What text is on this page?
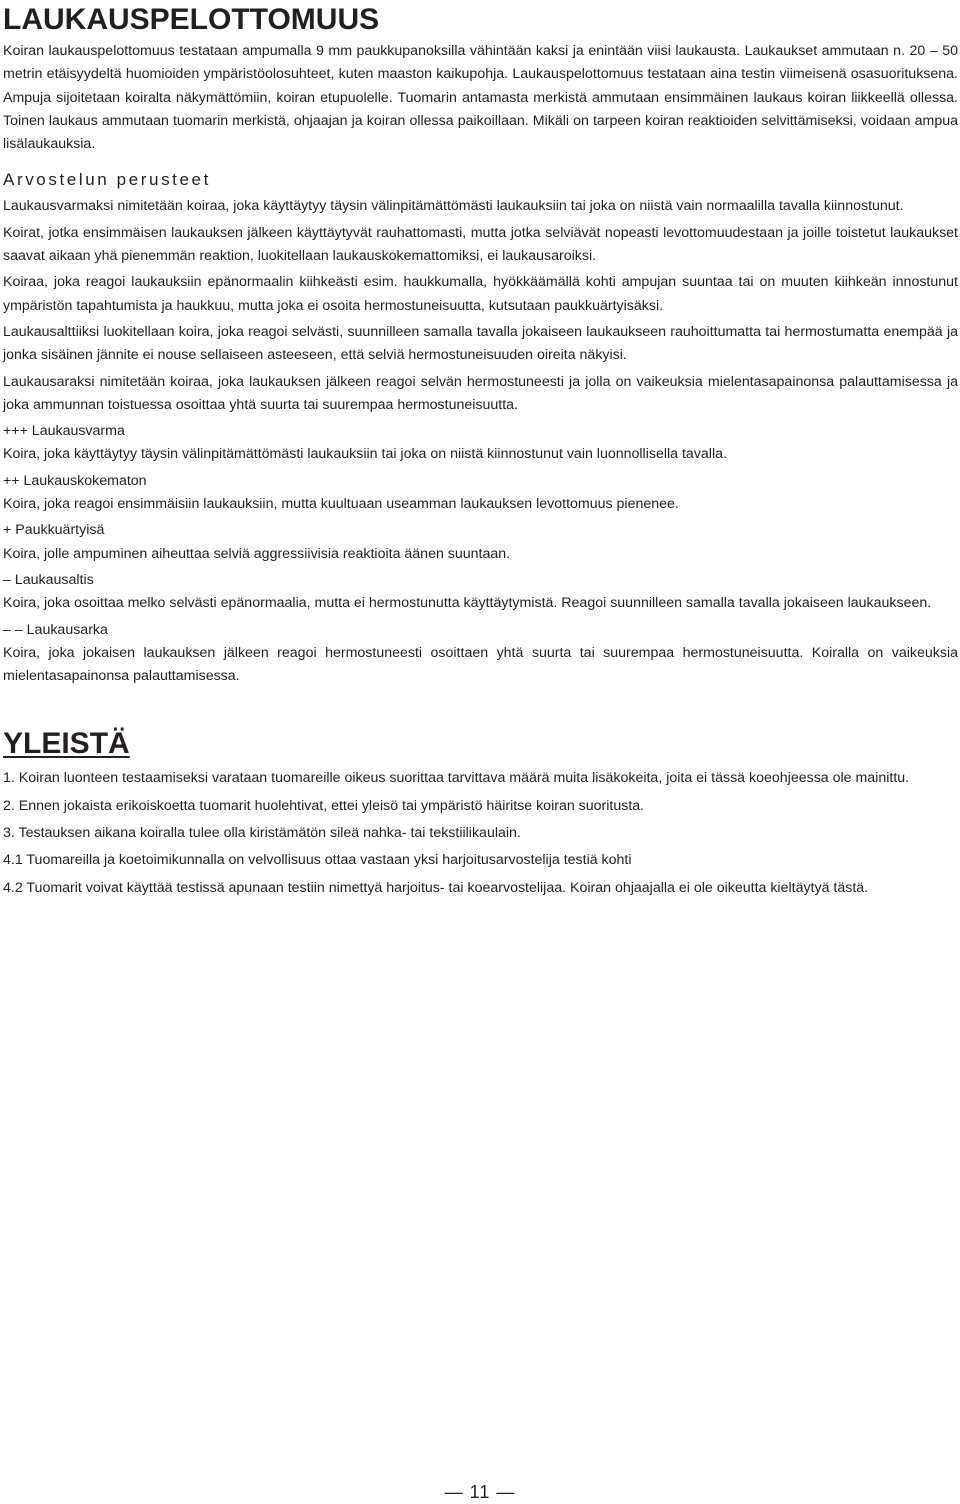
LAUKAUSPELOTTOMUUS

Koiran laukauspelottomuus testataan ampumalla 9 mm paukkupanoksilla vähintään kaksi ja enintään viisi laukausta. Laukaukset ammutaan n. 20 – 50 metrin etäisyydeltä huomioiden ympäristöolosuhteet, kuten maaston kaikupohja. Laukauspelottomuus testataan aina testin viimeisenä osasuorituksena. Ampuja sijoitetaan koiralta näkymättömiin, koiran etupuolelle. Tuomarin antamasta merkistä ammutaan ensimmäinen laukaus koiran liikkeellä ollessa. Toinen laukaus ammutaan tuomarin merkistä, ohjaajan ja koiran ollessa paikoillaan. Mikäli on tarpeen koiran reaktioiden selvittämiseksi, voidaan ampua lisälaukauksia.

Arvostelun perusteet

Laukausvarmaksi nimitetään koiraa, joka käyttäytyy täysin välinpitämättömästi laukauksiin tai joka on niistä vain normaalilla tavalla kiinnostunut.

Koirat, jotka ensimmäisen laukauksen jälkeen käyttäytyvät rauhattomasti, mutta jotka selviävät nopeasti levottomuudestaan ja joille toistetut laukaukset saavat aikaan yhä pienemmän reaktion, luokitellaan laukauskokemattomiksi, ei laukausaroiksi.

Koiraa, joka reagoi laukauksiin epänormaalin kiihkeästi esim. haukkumalla, hyökkäämällä kohti ampujan suuntaa tai on muuten kiihkeän innostunut ympäristön tapahtumista ja haukkuu, mutta joka ei osoita hermostuneisuutta, kutsutaan paukkuärtyisäksi.

Laukausalttiiksi luokitellaan koira, joka reagoi selvästi, suunnilleen samalla tavalla jokaiseen laukaukseen rauhoittumatta tai hermostumatta enempää ja jonka sisäinen jännite ei nouse sellaiseen asteeseen, että selviä hermostuneisuuden oireita näkyisi.

Laukausaraksi nimitetään koiraa, joka laukauksen jälkeen reagoi selvän hermostuneesti ja jolla on vaikeuksia mielentasapainonsa palauttamisessa ja joka ammunnan toistuessa osoittaa yhtä suurta tai suurempaa hermostuneisuutta.

+++ Laukausvarma

Koira, joka käyttäytyy täysin välinpitämättömästi laukauksiin tai joka on niistä kiinnostunut vain luonnollisella tavalla.

++ Laukauskokematon

Koira, joka reagoi ensimmäisiin laukauksiin, mutta kuultuaan useamman laukauksen levottomuus pienenee.

+ Paukkuärtyisä

Koira, jolle ampuminen aiheuttaa selviä aggressiivisia reaktioita äänen suuntaan.

– Laukausaltis

Koira, joka osoittaa melko selvästi epänormaalia, mutta ei hermostunutta käyttäytymistä. Reagoi suunnilleen samalla tavalla jokaiseen laukaukseen.

– – Laukausarka

Koira, joka jokaisen laukauksen jälkeen reagoi hermostuneesti osoittaen yhtä suurta tai suurempaa hermostuneisuutta. Koiralla on vaikeuksia mielentasapainonsa palauttamisessa.

YLEISTÄ

1. Koiran luonteen testaamiseksi varataan tuomareille oikeus suorittaa tarvittava määrä muita lisäkokeita, joita ei tässä koeohjeessa ole mainittu.

2. Ennen jokaista erikoiskoetta tuomarit huolehtivat, ettei yleisö tai ympäristö häiritse koiran suoritusta.

3. Testauksen aikana koiralla tulee olla kiristämätön sileä nahka- tai tekstiilikaulain.

4.1 Tuomareilla ja koetoimikunnalla on velvollisuus ottaa vastaan yksi harjoitusarvostelija testiä kohti

4.2 Tuomarit voivat käyttää testissä apunaan testiin nimettyä harjoitus- tai koearvostelijaa. Koiran ohjaajalla ei ole oikeutta kieltäytyä tästä.

— 11 —
